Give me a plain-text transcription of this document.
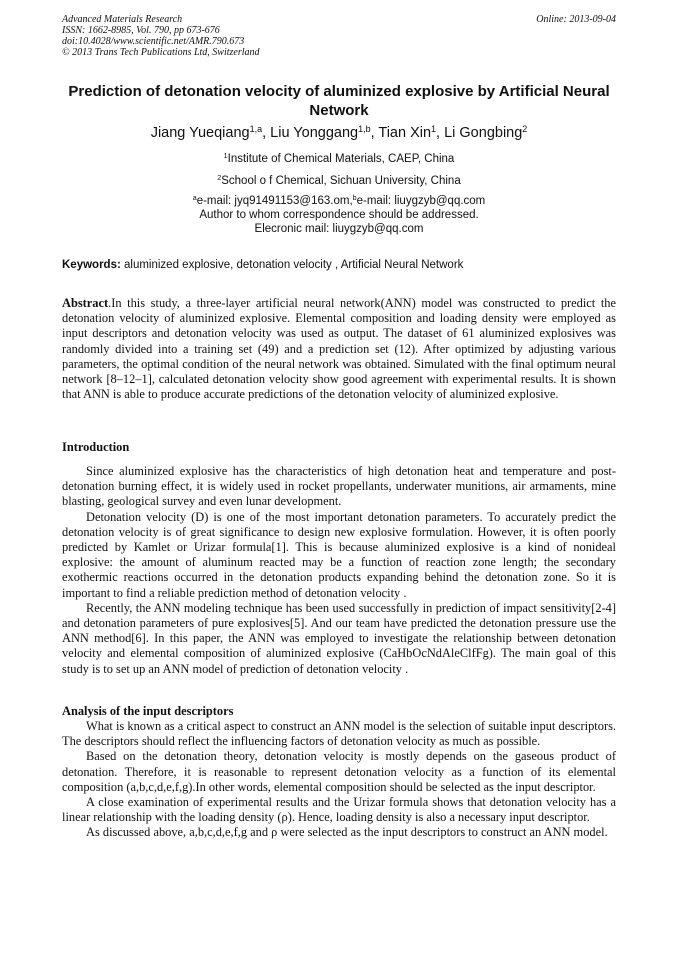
Advanced Materials Research
ISSN: 1662-8985, Vol. 790, pp 673-676
doi:10.4028/www.scientific.net/AMR.790.673
© 2013 Trans Tech Publications Ltd, Switzerland
Online: 2013-09-04
Prediction of detonation velocity of aluminized explosive by Artificial Neural Network
Jiang Yueqiang$^{1,a}$, Liu Yonggang$^{1,b}$, Tian Xin$^1$, Li Gongbing$^2$
$^1$Institute of Chemical Materials, CAEP, China
$^2$School o f Chemical, Sichuan University, China
$^a$e-mail: jyq91491153@163.om,$^b$e-mail: liuygzyb@qq.com
Author to whom correspondence should be addressed.
Elecronic mail: liuygzyb@qq.com
Keywords: aluminized explosive, detonation velocity , Artificial Neural Network

Abstract.In this study, a three-layer artificial neural network(ANN) model was constructed to predict the detonation velocity of aluminized explosive. Elemental composition and loading density were employed as input descriptors and detonation velocity was used as output. The dataset of 61 aluminized explosives was randomly divided into a training set (49) and a prediction set (12). After optimized by adjusting various parameters, the optimal condition of the neural network was obtained. Simulated with the final optimum neural network [8–12–1], calculated detonation velocity show good agreement with experimental results. It is shown that ANN is able to produce accurate predictions of the detonation velocity of aluminized explosive.

Introduction

Since aluminized explosive has the characteristics of high detonation heat and temperature and post-detonation burning effect, it is widely used in rocket propellants, underwater munitions, air armaments, mine blasting, geological survey and even lunar development.

Detonation velocity (D) is one of the most important detonation parameters. To accurately predict the detonation velocity is of great significance to design new explosive formulation. However, it is often poorly predicted by Kamlet or Urizar formula[1]. This is because aluminized explosive is a kind of nonideal explosive: the amount of aluminum reacted may be a function of reaction zone length; the secondary exothermic reactions occurred in the detonation products expanding behind the detonation zone. So it is important to find a reliable prediction method of detonation velocity .

Recently, the ANN modeling technique has been used successfully in prediction of impact sensitivity[2-4] and detonation parameters of pure explosives[5]. And our team have predicted the detonation pressure use the ANN method[6]. In this paper, the ANN was employed to investigate the relationship between detonation velocity and elemental composition of aluminized explosive (CaHbOcNdAleClfFg). The main goal of this study is to set up an ANN model of prediction of detonation velocity .

Analysis of the input descriptors

What is known as a critical aspect to construct an ANN model is the selection of suitable input descriptors. The descriptors should reflect the influencing factors of detonation velocity as much as possible.

Based on the detonation theory, detonation velocity is mostly depends on the gaseous product of detonation. Therefore, it is reasonable to represent detonation velocity as a function of its elemental composition (a,b,c,d,e,f,g).In other words, elemental composition should be selected as the input descriptor.

A close examination of experimental results and the Urizar formula shows that detonation velocity has a linear relationship with the loading density (ρ). Hence, loading density is also a necessary input descriptor.

As discussed above, a,b,c,d,e,f,g and ρ were selected as the input descriptors to construct an ANN model.
